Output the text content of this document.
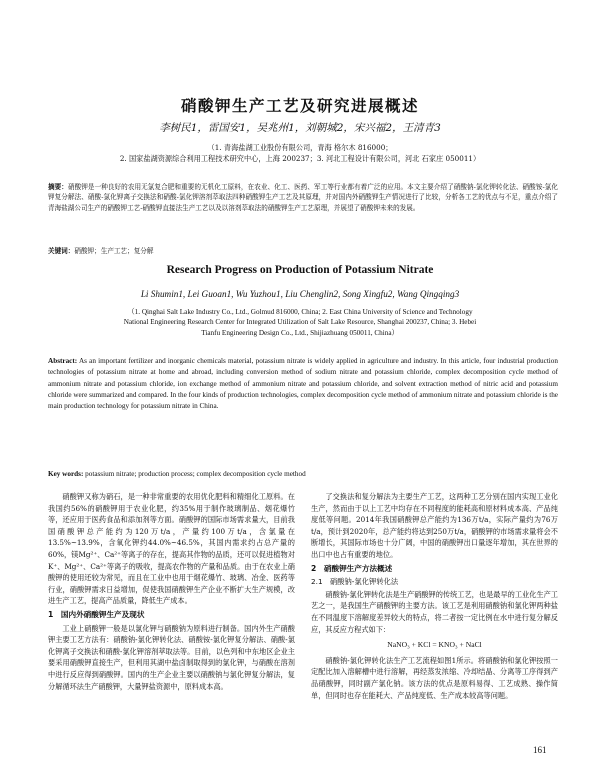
硝酸钾生产工艺及研究进展概述
李树民1，雷国安1，吴兆州1，刘朝城2，宋兴福2，王清青3
（1. 青海盐湖工业股份有限公司，青海 格尔木 816000；
2. 国家盐湖资源综合利用工程技术研究中心，上海 200237；3. 河北工程设计有限公司，河北 石家庄 050011）
摘要：硝酸钾是一种良好的农用无氯复合肥和重要的无机化工原料，在农业、化工、医药、军工等行业都有着广泛的应用。本文主要介绍了硝酸钠-氯化钾转化法、硝酸铵-氯化钾复分解法、硝酸-氯化钾离子交换法和硝酸-氯化钾溶剂萃取法四种硝酸钾生产工艺及其原理，并对国内外硝酸钾生产情况进行了比较，分析各工艺的优点与不足，重点介绍了青海盐湖公司生产的硝酸钾工艺-硝酸钾直接法生产工艺以及以溶剂萃取法的硝酸钾生产工艺原理，并展望了硝酸钾未来的发展。
关键词：硝酸钾；生产工艺；复分解
Research Progress on Production of Potassium Nitrate
Li Shumin1, Lei Guoan1, Wu Yuzhou1, Liu Chenglin2, Song Xingfu2, Wang Qingqing3
（1. Qinghai Salt Lake Industry Co., Ltd., Golmud 816000, China; 2. East China University of Science and Technology
National Engineering Research Center for Integrated Utilization of Salt Lake Resource, Shanghai 200237, China; 3. Hebei
Tianfu Engineering Design Co., Ltd., Shijiazhuang 050011, China）
Abstract: As an important fertilizer and inorganic chemicals material, potassium nitrate is widely applied in agriculture and industry. In this article, four industrial production technologies of potassium nitrate at home and abroad, including conversion method of sodium nitrate and potassium chloride, complex decomposition cycle method of ammonium nitrate and potassium chloride, ion exchange method of ammonium nitrate and potassium chloride, and solvent extraction method of nitric acid and potassium chloride were summarized and compared. In the four kinds of production technologies, complex decomposition cycle method of ammonium nitrate and potassium chloride is the main production technology for potassium nitrate in China.
Key words: potassium nitrate; production process; complex decomposition cycle method

硝酸钾又称为硝石，是一种非常重要的农用优化肥料和精细化工原料。在我国约56%的硝酸钾用于农业化肥，约35%用于制作玻璃制品、烟花爆竹等，还应用于医药食品和添加剂等方面。硝酸钾的国际市场需求量大，目前我国硝酸钾总产能约为120万t/a，产量约100万t/a，含氯量在13.5%~13.9%，含氧化钾约44.0%~46.5%，其国内需求约占总产量的60%，镁Mg²⁺、Ca²⁺等离子的存在，提高其作物的品质，还可以促进植物对K⁺、Mg²⁺、Ca²⁺等离子的吸收，提高农作物的产量和品质。由于在农业上硝酸钾的使用还较为常见，而且在工业中也用于烟花爆竹、玻璃、冶金、医药等行业，硝酸钾需求日益增加，促使我国硝酸钾生产企业不断扩大生产规模，改进生产工艺，提高产品质量，降低生产成本。

1　国内外硝酸钾生产及现状

工业上硝酸钾一般是以氯化钾与硝酸钠为原料进行制备。国内外生产硝酸钾主要工艺方法有：硝酸钠-氯化钾转化法、硝酸铵-氯化钾复分解法、硝酸-氯化钾离子交换法和硝酸-氯化钾溶剂萃取法等。目前，以色列和中东地区企业主要采用硝酸钾直接生产，但利用其湖中盐卤制取得到的氯化钾，与硝酸在溶剂中进行反应得到硝酸钾。国内的生产企业主要以硝酸钠与氯化钾复分解法，复分解循环法生产硝酸钾，大量钾盐资源中，原料成本高。

了交换法和复分解法为主要生产工艺，这两种工艺分别在国内实现工业化生产，然而由于以上工艺中均存在不同程度的能耗高和原材料成本高、产品纯度低等问题。2014年我国硝酸钾总产能约为136万t/a，实际产量约为76万t/a，预计到2020年，总产能约将达到250万t/a，硝酸钾的市场需求量将会不断增长，其国际市场也十分广阔，中国的硝酸钾出口量逐年增加，其在世界的出口中也占有重要的地位。

2　硝酸钾生产方法概述

2.1　硝酸钠-氯化钾转化法

硝酸钠-氯化钾转化法是生产硝酸钾的传统工艺，也是最早的工业化生产工艺之一，是我国生产硝酸钾的主要方法。该工艺是利用硝酸钠和氯化钾两种盐在不同温度下溶解度差异较大的特点，将二者按一定比例在水中进行复分解反应，其反应方程式如下：

NaNO₃ + KCl = KNO₃ + NaCl

硝酸钠-氯化钾转化法生产工艺流程如图1所示。将硝酸钠和氯化钾按照一定配比加入溶解槽中进行溶解，再经蒸发浓缩、冷却结晶、分离等工序得到产品硝酸钾，同时副产氯化钠。该方法的优点是原料易得、工艺成熟、操作简单，但同时也存在能耗大、产品纯度低、生产成本较高等问题。

161
